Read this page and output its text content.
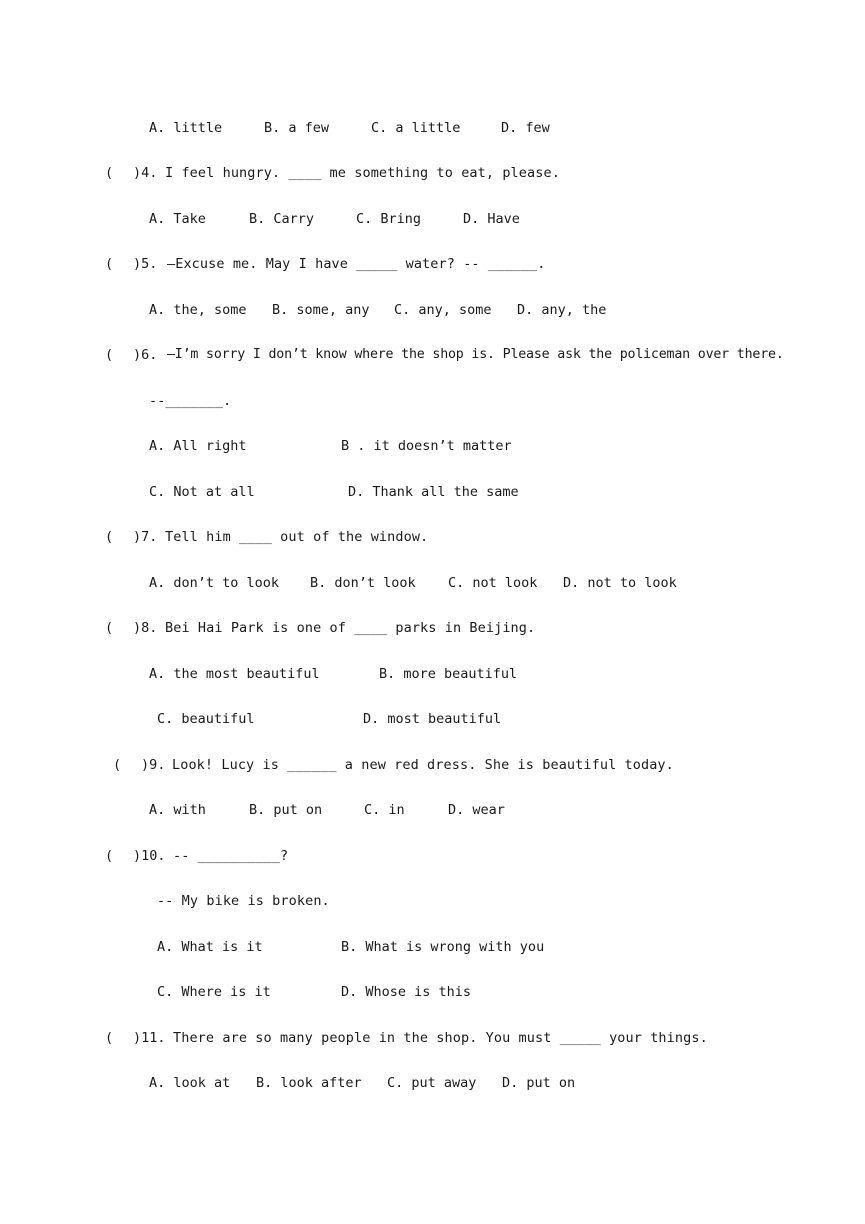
A. little	B. a few	C. a little	D. few
( )4. I feel hungry. ____ me something to eat, please.
A. Take	B. Carry	C. Bring	D. Have
( )5. –Excuse me. May I have _____ water? -- ______.
A. the, some B. some, any C. any, some D. any, the
( )6. –I’m sorry I don’t know where the shop is. Please ask the policeman over there.
--_______.
A. All right	B . it doesn’t matter
C. Not at all	D. Thank all the same
( )7. Tell him ____ out of the window.
A. don’t to look B. don’t look C. not look D. not to look
( )8. Bei Hai Park is one of ____ parks in Beijing.
A. the most beautiful	B. more beautiful
C. beautiful	D. most beautiful
( )9. Look! Lucy is ______ a new red dress. She is beautiful today.
A. with	B. put on	C. in	D. wear
( )10. -- __________?
-- My bike is broken.
A. What is it	B. What is wrong with you
C. Where is it	D. Whose is this
( )11. There are so many people in the shop. You must _____ your things.
A. look at B. look after C. put away D. put on
